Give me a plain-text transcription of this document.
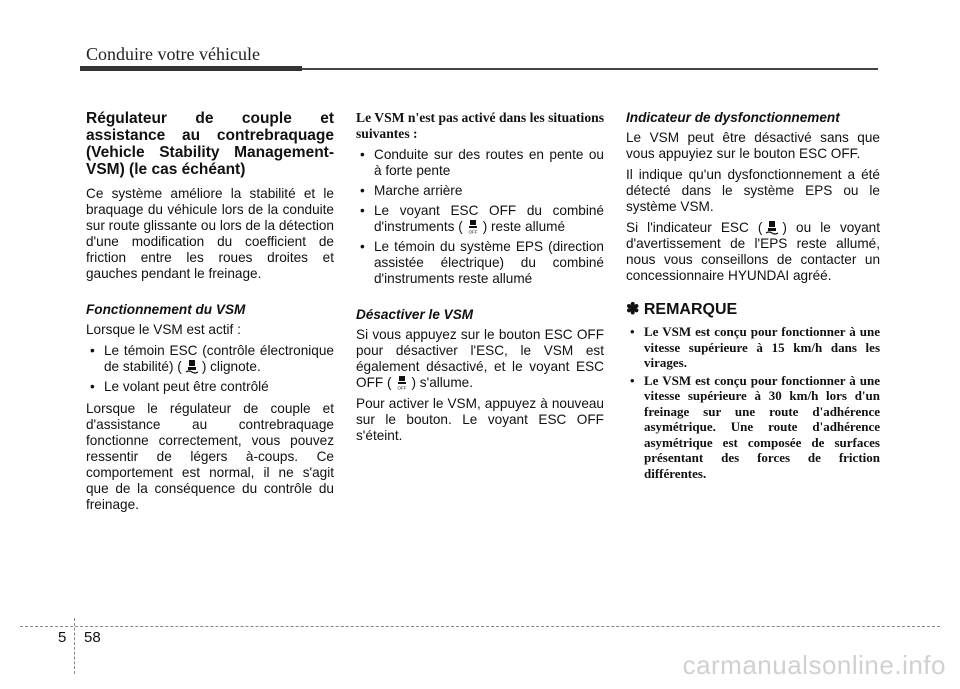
Conduire votre véhicule

Régulateur de couple et assistance au contrebraquage (Vehicle Stability Management-VSM) (le cas échéant)

Ce système améliore la stabilité et le braquage du véhicule lors de la conduite sur route glissante ou lors de la détection d'une modification du coefficient de friction entre les roues droites et gauches pendant le freinage.

Fonctionnement du VSM

Lorsque le VSM est actif :

• Le témoin ESC (contrôle électronique de stabilité) ( ) clignote.
• Le volant peut être contrôlé

Lorsque le régulateur de couple et d'assistance au contrebraquage fonctionne correctement, vous pouvez ressentir de légers à-coups. Ce comportement est normal, il ne s'agit que de la conséquence du contrôle du freinage.

Le VSM n'est pas activé dans les situations suivantes :

• Conduite sur des routes en pente ou à forte pente
• Marche arrière
• Le voyant ESC OFF du combiné d'instruments ( OFF ) reste allumé
• Le témoin du système EPS (direction assistée électrique) du combiné d'instruments reste allumé

Désactiver le VSM

Si vous appuyez sur le bouton ESC OFF pour désactiver l'ESC, le VSM est également désactivé, et le voyant ESC OFF ( OFF ) s'allume.

Pour activer le VSM, appuyez à nouveau sur le bouton. Le voyant ESC OFF s'éteint.

Indicateur de dysfonctionnement

Le VSM peut être désactivé sans que vous appuyiez sur le bouton ESC OFF.

Il indique qu'un dysfonctionnement a été détecté dans le système EPS ou le système VSM.

Si l'indicateur ESC ( ) ou le voyant d'avertissement de l'EPS reste allumé, nous vous conseillons de contacter un concessionnaire HYUNDAI agréé.

✽ REMARQUE
• Le VSM est conçu pour fonctionner à une vitesse supérieure à 15 km/h dans les virages.
• Le VSM est conçu pour fonctionner à une vitesse supérieure à 30 km/h lors d'un freinage sur une route d'adhérence asymétrique. Une route d'adhérence asymétrique est composée de surfaces présentant des forces de friction différentes.
5 58
carmanualsonline.info
